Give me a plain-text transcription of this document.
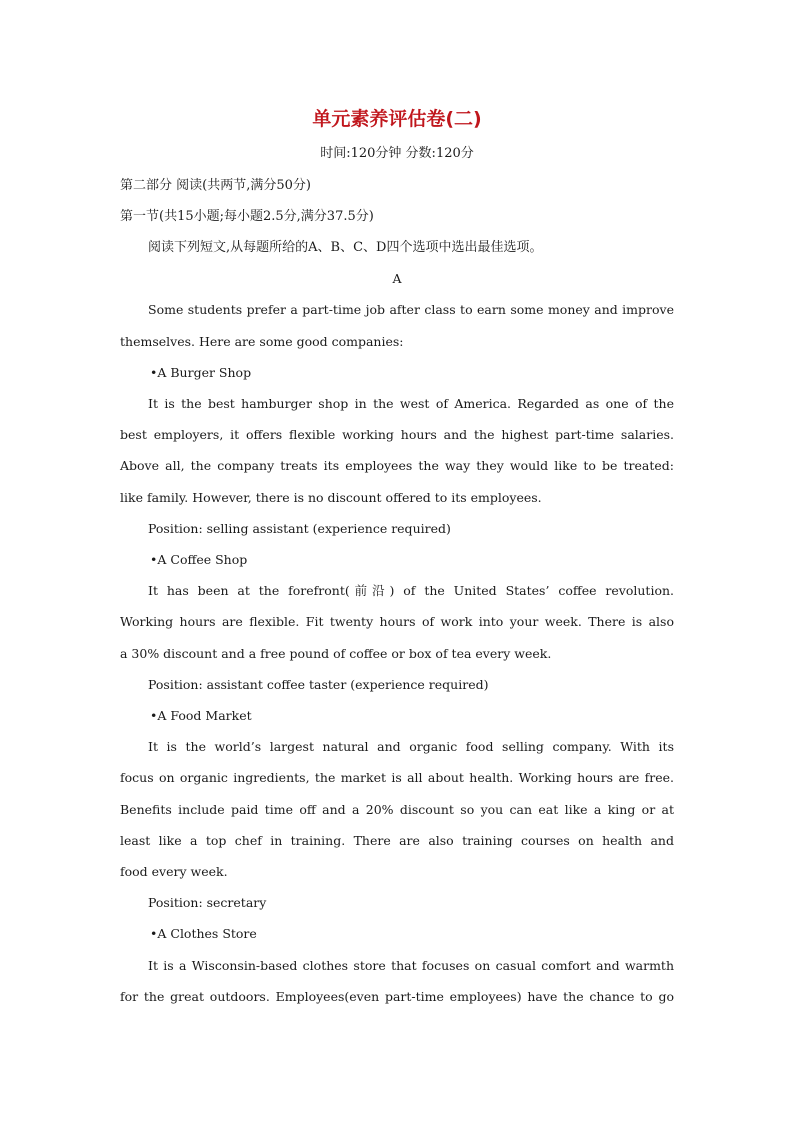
单元素养评估卷(二)
时间:120分钟 分数:120分
第二部分 阅读(共两节,满分50分)
第一节(共15小题;每小题2.5分,满分37.5分)
阅读下列短文,从每题所给的A、B、C、D四个选项中选出最佳选项。
A
Some students prefer a part-time job after class to earn some money and improve
themselves. Here are some good companies:
•A Burger Shop
It is the best hamburger shop in the west of America. Regarded as one of the
best employers, it offers flexible working hours and the highest part-time salaries.
Above all, the company treats its employees the way they would like to be treated:
like family. However, there is no discount offered to its employees.
Position: selling assistant (experience required)
•A Coffee Shop
It has been at the forefront(前沿) of the United States’ coffee revolution.
Working hours are flexible. Fit twenty hours of work into your week. There is also
a 30% discount and a free pound of coffee or box of tea every week.
Position: assistant coffee taster (experience required)
•A Food Market
It is the world’s largest natural and organic food selling company. With its
focus on organic ingredients, the market is all about health. Working hours are free.
Benefits include paid time off and a 20% discount so you can eat like a king or at
least like a top chef in training. There are also training courses on health and
food every week.
Position: secretary
•A Clothes Store
It is a Wisconsin-based clothes store that focuses on casual comfort and warmth
for the great outdoors. Employees(even part-time employees) have the chance to go
